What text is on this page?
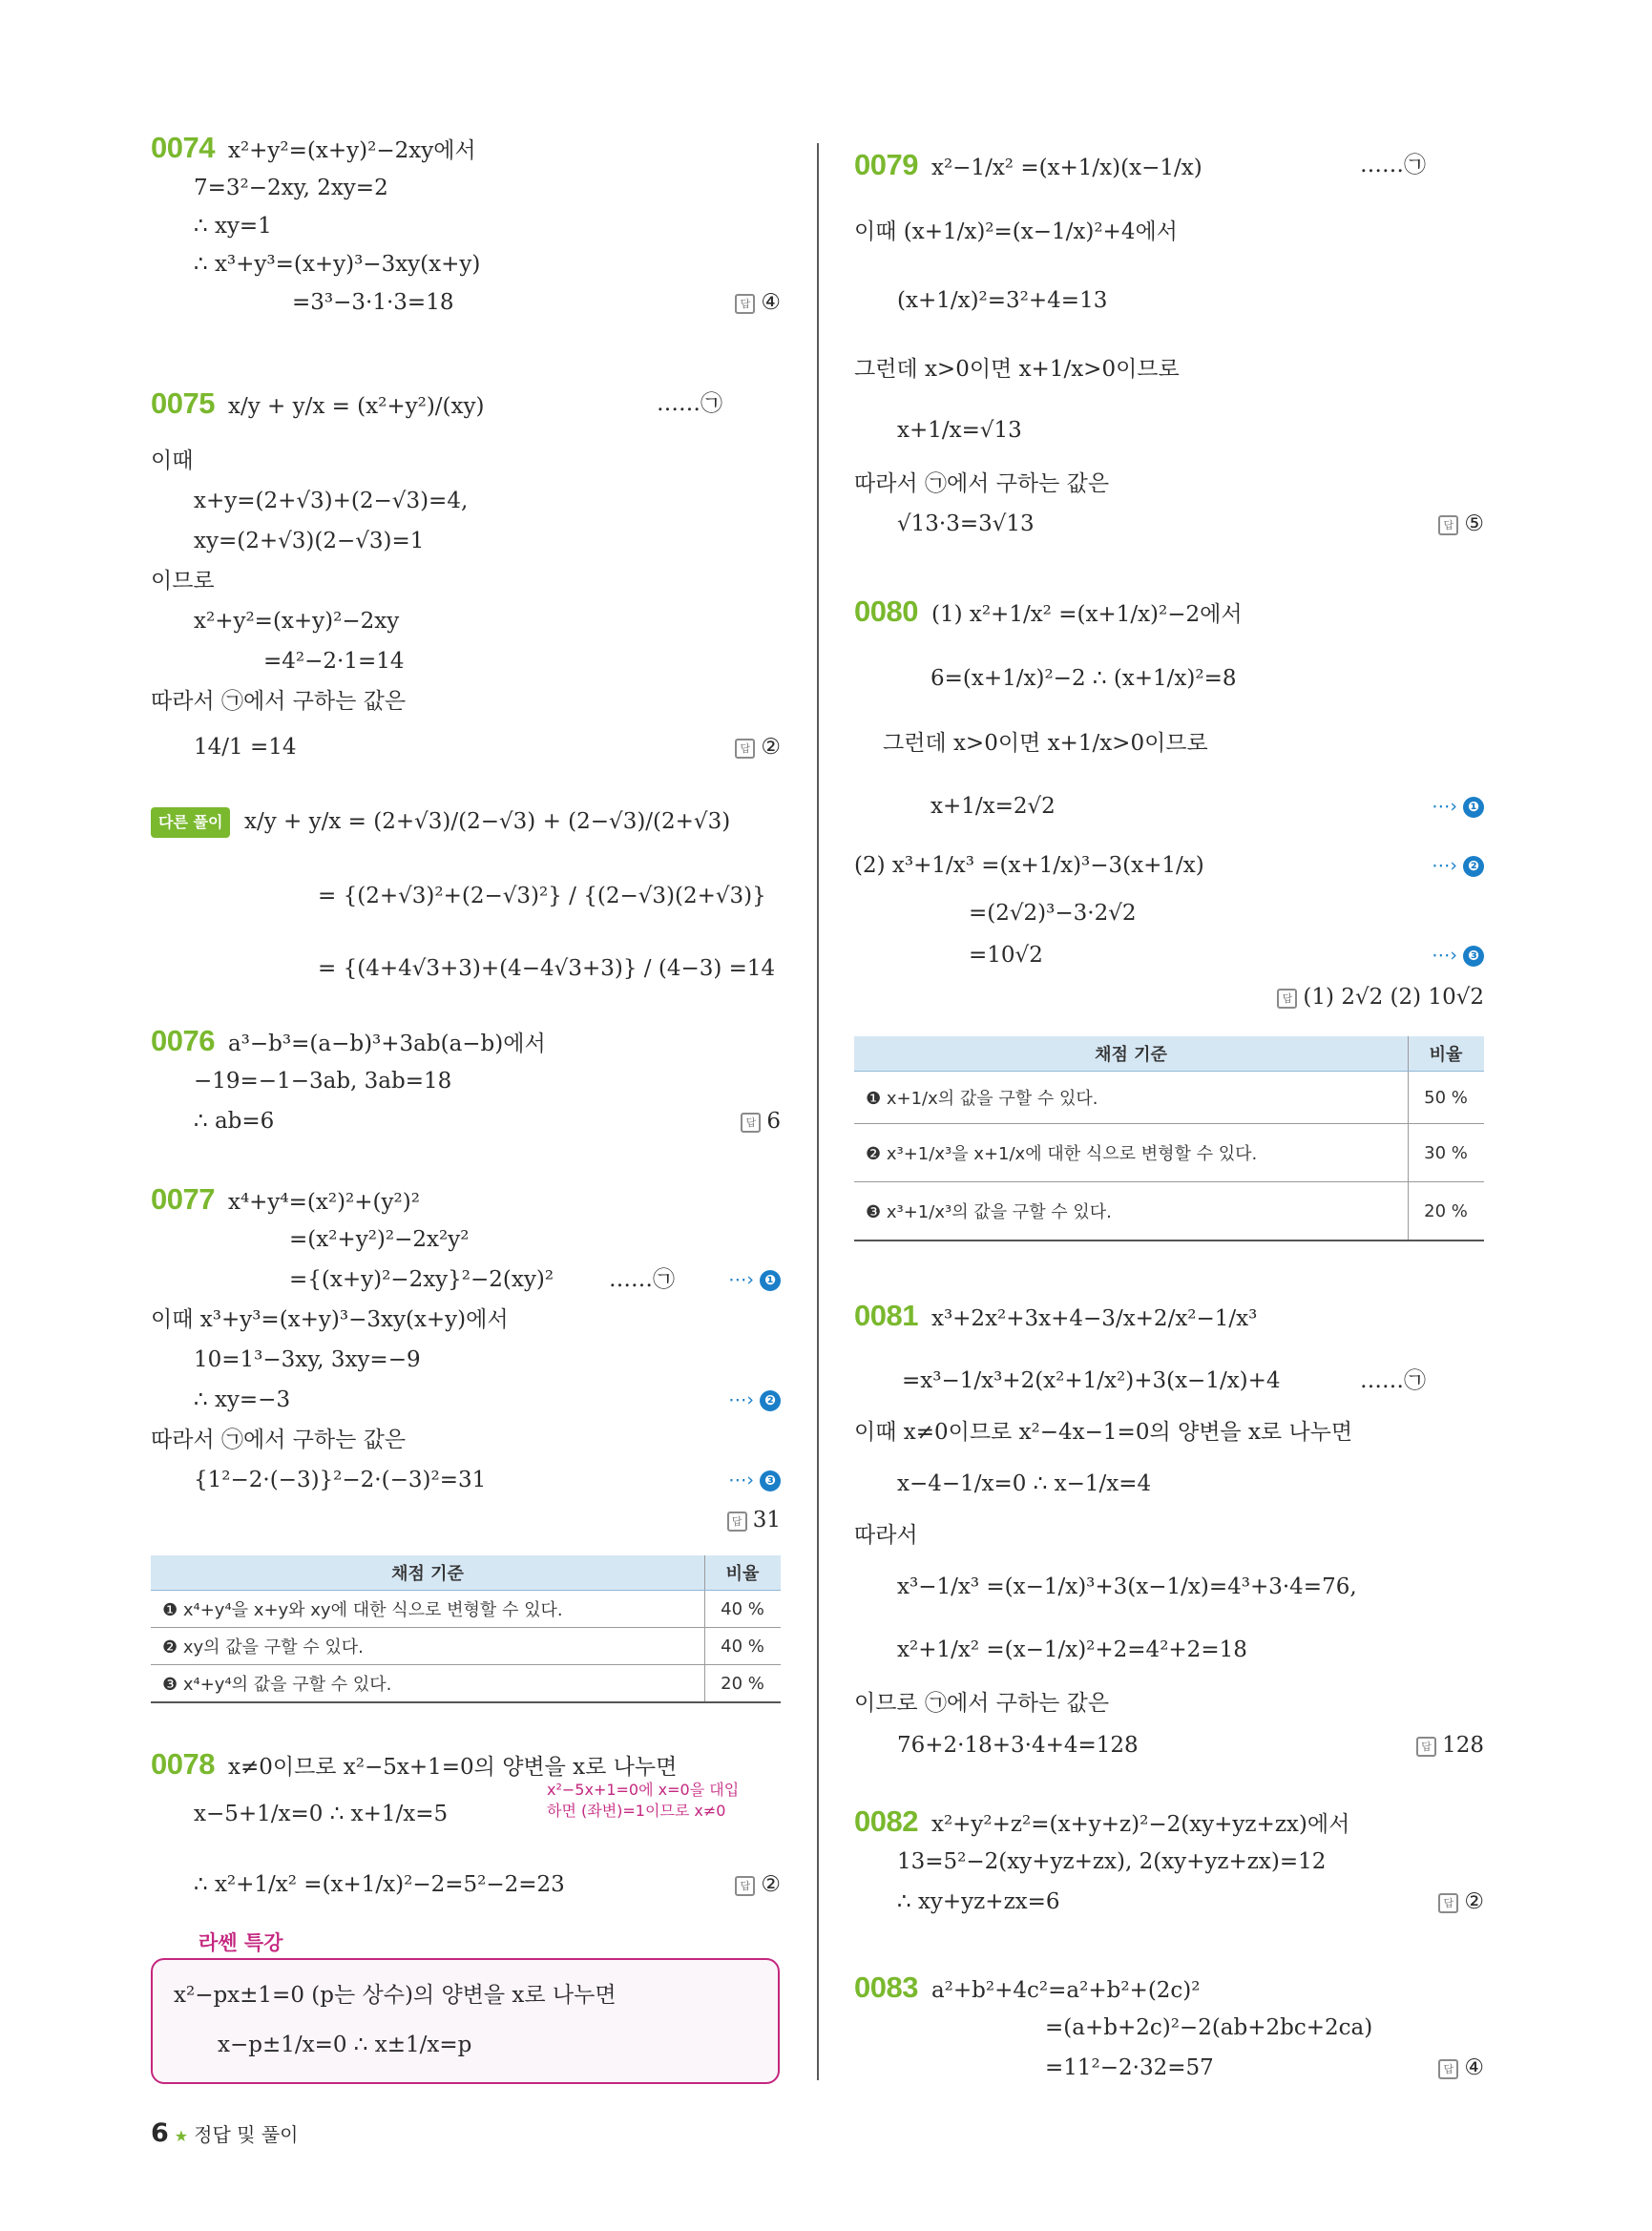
0074 x²+y²=(x+y)²−2xy에서
7=3²−2xy, 2xy=2
∴ xy=1
∴ x³+y³=(x+y)³−3xy(x+y)
=3³−3·1·3=18	답 ④
0075 x/y + y/x = (x²+y²)/(xy)	……㉠
이때
x+y=(2+√3)+(2−√3)=4,
xy=(2+√3)(2−√3)=1
이므로
x²+y²=(x+y)²−2xy
=4²−2·1=14
따라서 ㉠에서 구하는 값은
14/1 =14	답 ②
다른 풀이 x/y + y/x = (2+√3)/(2−√3) + (2−√3)/(2+√3)
= {(2+√3)²+(2−√3)²} / {(2−√3)(2+√3)}
= {(4+4√3+3)+(4−4√3+3)} / (4−3) =14
0076 a³−b³=(a−b)³+3ab(a−b)에서
−19=−1−3ab, 3ab=18
∴ ab=6	답 6
0077 x⁴+y⁴=(x²)²+(y²)²
=(x²+y²)²−2x²y²
={(x+y)²−2xy}²−2(xy)²	……㉠	⋯› ❶
이때 x³+y³=(x+y)³−3xy(x+y)에서
10=1³−3xy, 3xy=−9
∴ xy=−3	⋯› ❷
따라서 ㉠에서 구하는 값은
{1²−2·(−3)}²−2·(−3)²=31	⋯› ❸
답 31
채점 기준	비율
❶ x⁴+y⁴을 x+y와 xy에 대한 식으로 변형할 수 있다.	40 %
❷ xy의 값을 구할 수 있다.	40 %
❸ x⁴+y⁴의 값을 구할 수 있다.	20 %
0078 x≠0이므로 x²−5x+1=0의 양변을 x로 나누면
x²−5x+1=0에 x=0을 대입
하면 (좌변)=1이므로 x≠0
x−5+1/x=0 ∴ x+1/x=5
∴ x²+1/x² =(x+1/x)²−2=5²−2=23	답 ②
라쎈 특강
x²−px±1=0 (p는 상수)의 양변을 x로 나누면
x−p±1/x=0 ∴ x±1/x=p
0079 x²−1/x² =(x+1/x)(x−1/x)	……㉠
이때 (x+1/x)²=(x−1/x)²+4에서
(x+1/x)²=3²+4=13
그런데 x>0이면 x+1/x>0이므로
x+1/x=√13
따라서 ㉠에서 구하는 값은
√13·3=3√13	답 ⑤
0080 (1) x²+1/x² =(x+1/x)²−2에서
6=(x+1/x)²−2 ∴ (x+1/x)²=8
그런데 x>0이면 x+1/x>0이므로
x+1/x=2√2	⋯› ❶
(2) x³+1/x³ =(x+1/x)³−3(x+1/x)	⋯› ❷
=(2√2)³−3·2√2
=10√2	⋯› ❸
답 (1) 2√2 (2) 10√2
채점 기준	비율
❶ x+1/x의 값을 구할 수 있다.	50 %
❷ x³+1/x³을 x+1/x에 대한 식으로 변형할 수 있다.	30 %
❸ x³+1/x³의 값을 구할 수 있다.	20 %
0081 x³+2x²+3x+4−3/x+2/x²−1/x³
=x³−1/x³+2(x²+1/x²)+3(x−1/x)+4	……㉠
이때 x≠0이므로 x²−4x−1=0의 양변을 x로 나누면
x−4−1/x=0 ∴ x−1/x=4
따라서
x³−1/x³ =(x−1/x)³+3(x−1/x)=4³+3·4=76,
x²+1/x² =(x−1/x)²+2=4²+2=18
이므로 ㉠에서 구하는 값은
76+2·18+3·4+4=128	답 128
0082 x²+y²+z²=(x+y+z)²−2(xy+yz+zx)에서
13=5²−2(xy+yz+zx), 2(xy+yz+zx)=12
∴ xy+yz+zx=6	답 ②
0083 a²+b²+4c²=a²+b²+(2c)²
=(a+b+2c)²−2(ab+2bc+2ca)
=11²−2·32=57	답 ④
6 ★ 정답 및 풀이
